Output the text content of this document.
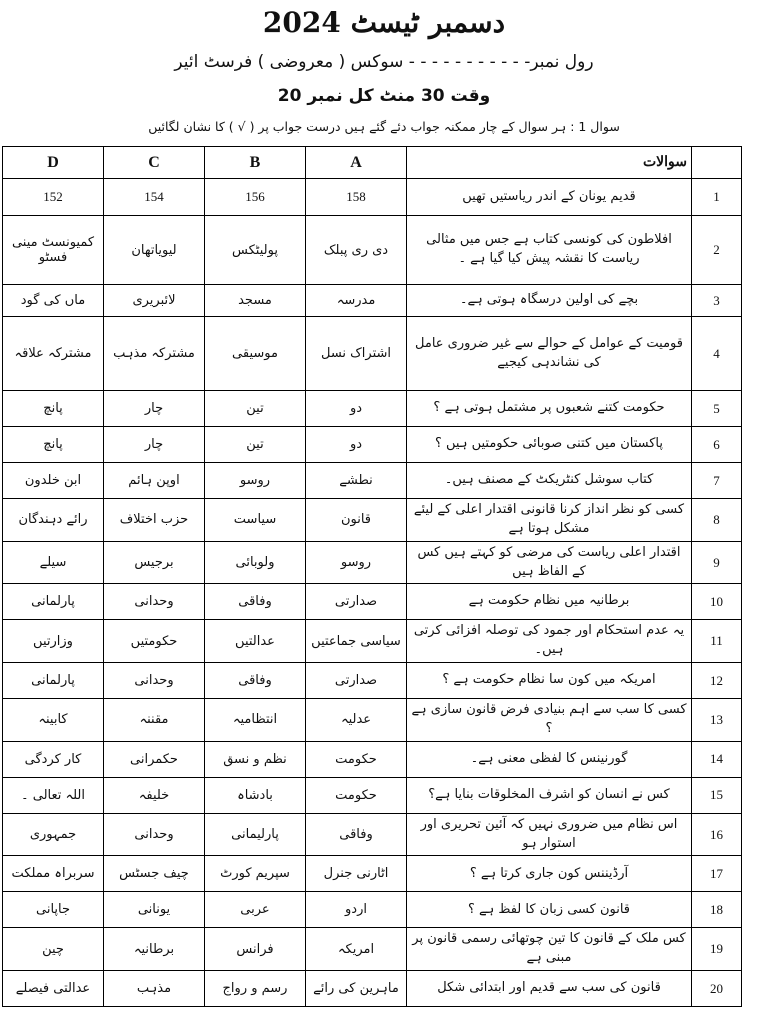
دسمبر ٹیسٹ 2024
رول نمبر- - - - - - - - - - - سوکس ( معروضی ) فرسٹ ائیر
وقت 30 منٹ کل نمبر 20
سوال 1 : ہر سوال کے چار ممکنہ جواب دئے گئے ہیں درست جواب پر ( √ ) کا نشان لگائیں
D	C	B	A	سوالات	
152	154	156	158	قدیم یونان کے اندر ریاستیں تھیں	1
کمیونسٹ مینی فسٹو	لیویاتھان	پولیٹکس	دی ری پبلک	افلاطون کی کونسی کتاب ہے جس میں مثالی ریاست کا نقشہ پیش کیا گیا ہے ۔	2
ماں کی گود	لائبریری	مسجد	مدرسہ	بچے کی اولین درسگاہ ہوتی ہے۔	3
مشترکہ علاقہ	مشترکہ مذہب	موسیقی	اشتراک نسل	قومیت کے عوامل کے حوالے سے غیر ضروری عامل کی نشاندہی کیجیے	4
پانچ	چار	تین	دو	حکومت کتنے شعبوں پر مشتمل ہوتی ہے ؟	5
پانچ	چار	تین	دو	پاکستان میں کتنی صوبائی حکومتیں ہیں ؟	6
ابن خلدون	اوپن ہائم	روسو	نطشے	کتاب سوشل کنٹریکٹ کے مصنف ہیں۔	7
رائے دہندگان	حزب اختلاف	سیاست	قانون	کسی کو نظر انداز کرنا قانونی اقتدار اعلی کے لیئے مشکل ہوتا ہے	8
سیلے	برجیس	ولوبائی	روسو	اقتدار اعلی ریاست کی مرضی کو کہتے ہیں کس کے الفاظ ہیں	9
پارلمانی	وحدانی	وفاقی	صدارتی	برطانیہ میں نظام حکومت ہے	10
وزارتیں	حکومتیں	عدالتیں	سیاسی جماعتیں	یہ عدم استحکام اور جمود کی توصلہ افزائی کرتی ہیں۔	11
پارلمانی	وحدانی	وفاقی	صدارتی	امریکہ میں کون سا نظام حکومت ہے ؟	12
کابینہ	مقننہ	انتظامیہ	عدلیہ	کسی کا سب سے اہم بنیادی فرض قانون سازی ہے ؟	13
کار کردگی	حکمرانی	نظم و نسق	حکومت	گورنینس کا لفظی معنی ہے۔	14
اللہ تعالی ۔	خلیفہ	بادشاہ	حکومت	کس نے انسان کو اشرف المخلوقات بنایا ہے؟	15
جمہوری	وحدانی	پارلیمانی	وفاقی	اس نظام میں ضروری نہیں کہ آئین تحریری اور استوار ہو	16
سربراہ مملکت	چیف جسٹس	سپریم کورٹ	اٹارنی جنرل	آرڈیننس کون جاری کرتا ہے ؟	17
جاپانی	یونانی	عربی	اردو	قانون کسی زبان کا لفظ ہے ؟	18
چین	برطانیہ	فرانس	امریکہ	کس ملک کے قانون کا تین چوتھائی رسمی قانون پر مبنی ہے	19
عدالتی فیصلے	مذہب	رسم و رواج	ماہرین کی رائے	قانون کی سب سے قدیم اور ابتدائی شکل	20
